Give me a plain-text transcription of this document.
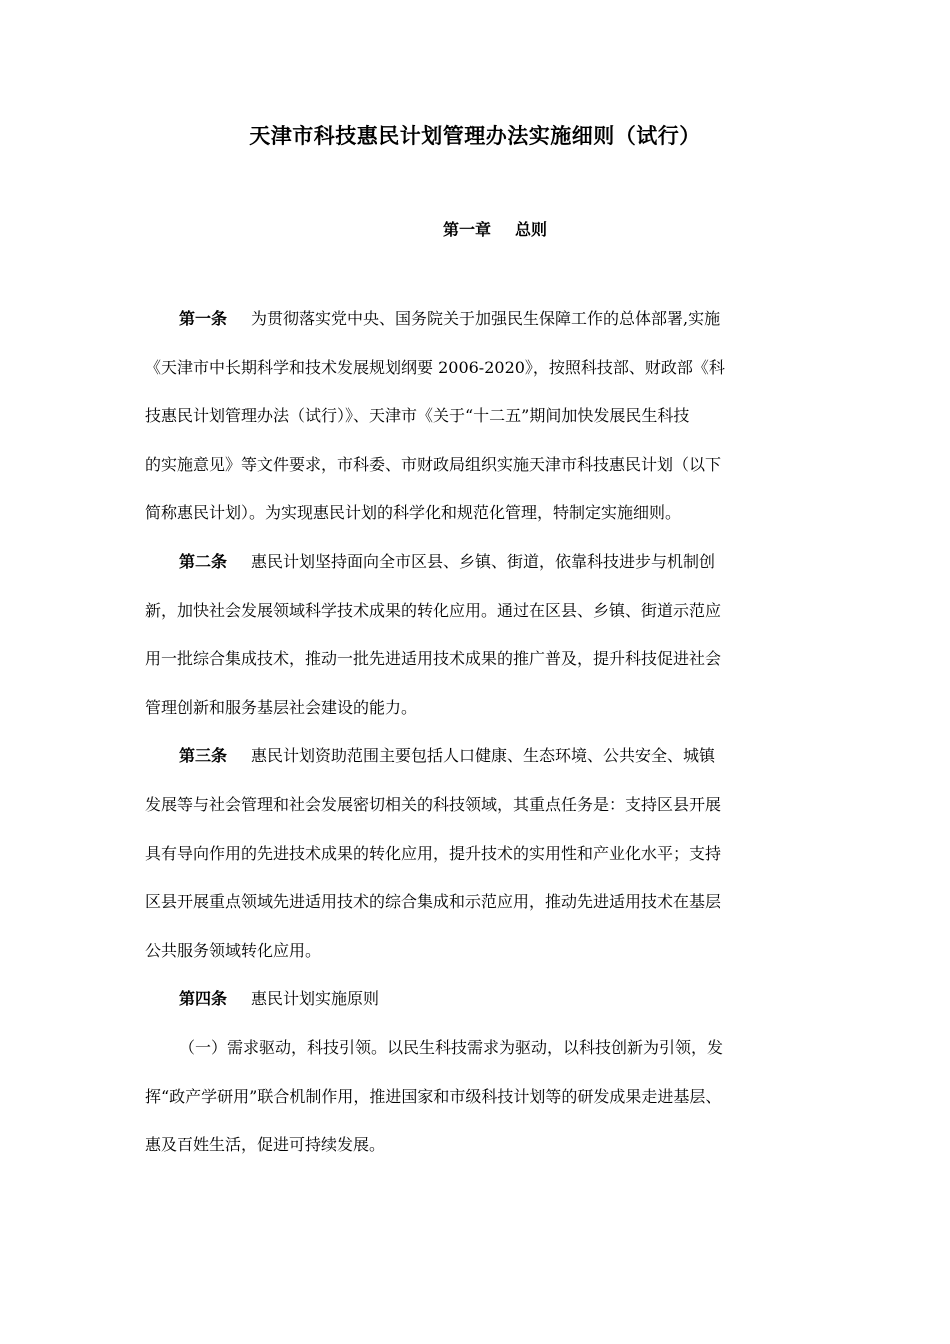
天津市科技惠民计划管理办法实施细则（试行）
第一章 总则
第一条 为贯彻落实党中央、国务院关于加强民生保障工作的总体部署,实施
《天津市中长期科学和技术发展规划纲要 2006-2020》，按照科技部、财政部《科
技惠民计划管理办法（试行）》、天津市《关于“十二五”期间加快发展民生科技
的实施意见》等文件要求，市科委、市财政局组织实施天津市科技惠民计划（以下
简称惠民计划）。为实现惠民计划的科学化和规范化管理，特制定实施细则。
第二条 惠民计划坚持面向全市区县、乡镇、街道，依靠科技进步与机制创
新，加快社会发展领域科学技术成果的转化应用。通过在区县、乡镇、街道示范应
用一批综合集成技术，推动一批先进适用技术成果的推广普及，提升科技促进社会
管理创新和服务基层社会建设的能力。
第三条 惠民计划资助范围主要包括人口健康、生态环境、公共安全、城镇
发展等与社会管理和社会发展密切相关的科技领域，其重点任务是：支持区县开展
具有导向作用的先进技术成果的转化应用，提升技术的实用性和产业化水平；支持
区县开展重点领域先进适用技术的综合集成和示范应用，推动先进适用技术在基层
公共服务领域转化应用。
第四条 惠民计划实施原则
（一）需求驱动，科技引领。以民生科技需求为驱动，以科技创新为引领，发
挥“政产学研用”联合机制作用，推进国家和市级科技计划等的研发成果走进基层、
惠及百姓生活，促进可持续发展。
